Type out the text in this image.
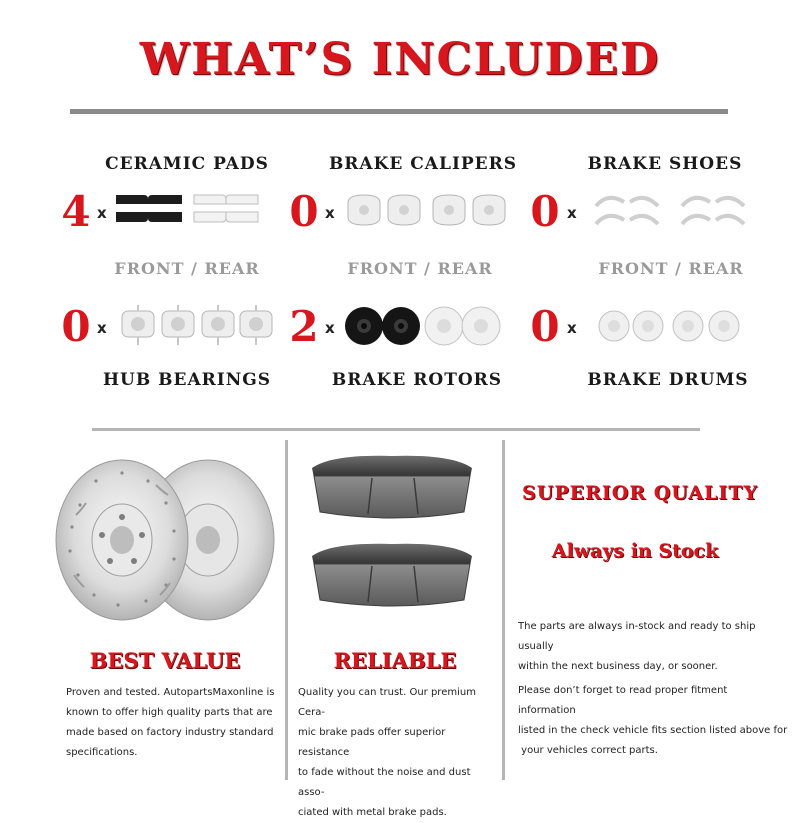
WHAT’S INCLUDED
CERAMIC PADS	BRAKE CALIPERS	BRAKE SHOES
4 x	0 x	0 x
FRONT / REAR	FRONT / REAR	FRONT / REAR
0 x	2 x	0 x
HUB BEARINGS	BRAKE ROTORS	BRAKE DRUMS
BEST VALUE
Proven and tested. AutopartsMaxonline is
known to offer high quality parts that are
made based on factory industry standard
specifications.
RELIABLE
Quality you can trust. Our premium Cera-
mic brake pads offer superior resistance
to fade without the noise and dust asso-
ciated with metal brake pads.
SUPERIOR QUALITY
Always in Stock
The parts are always in-stock and ready to ship usually
within the next business day, or sooner.
Please don’t forget to read proper fitment information
listed in the check vehicle fits section listed above for
your vehicles correct parts.
